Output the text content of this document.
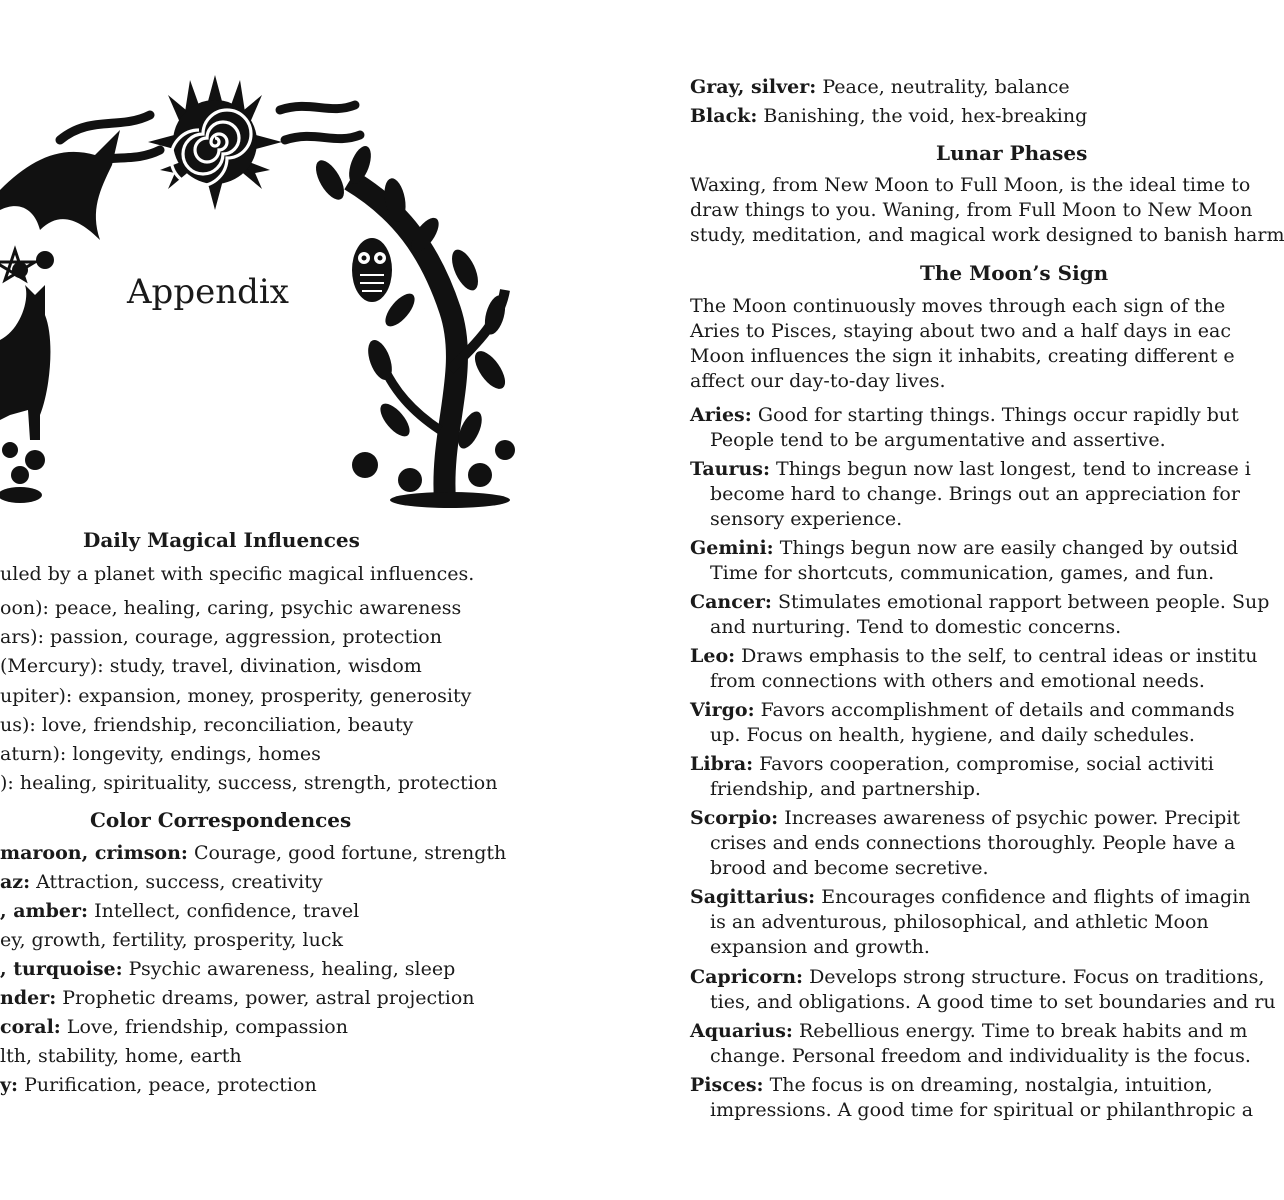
Appendix
Daily Magical Influences
uled by a planet with specific magical influences.
oon): peace, healing, caring, psychic awareness
ars): passion, courage, aggression, protection
(Mercury): study, travel, divination, wisdom
upiter): expansion, money, prosperity, generosity
us): love, friendship, reconciliation, beauty
aturn): longevity, endings, homes
): healing, spirituality, success, strength, protection
Color Correspondences
maroon, crimson: Courage, good fortune, strength
az: Attraction, success, creativity
, amber: Intellect, confidence, travel
ey, growth, fertility, prosperity, luck
, turquoise: Psychic awareness, healing, sleep
nder: Prophetic dreams, power, astral projection
coral: Love, friendship, compassion
lth, stability, home, earth
y: Purification, peace, protection
Gray, silver: Peace, neutrality, balance
Black: Banishing, the void, hex-breaking
Lunar Phases
Waxing, from New Moon to Full Moon, is the ideal time to
draw things to you. Waning, from Full Moon to New Moon
study, meditation, and magical work designed to banish harm
The Moon’s Sign
The Moon continuously moves through each sign of the
Aries to Pisces, staying about two and a half days in eac
Moon influences the sign it inhabits, creating different e
affect our day-to-day lives.
Aries: Good for starting things. Things occur rapidly but
People tend to be argumentative and assertive.
Taurus: Things begun now last longest, tend to increase i
become hard to change. Brings out an appreciation for
sensory experience.
Gemini: Things begun now are easily changed by outsid
Time for shortcuts, communication, games, and fun.
Cancer: Stimulates emotional rapport between people. Sup
and nurturing. Tend to domestic concerns.
Leo: Draws emphasis to the self, to central ideas or institu
from connections with others and emotional needs.
Virgo: Favors accomplishment of details and commands
up. Focus on health, hygiene, and daily schedules.
Libra: Favors cooperation, compromise, social activiti
friendship, and partnership.
Scorpio: Increases awareness of psychic power. Precipit
crises and ends connections thoroughly. People have a
brood and become secretive.
Sagittarius: Encourages confidence and flights of imagin
is an adventurous, philosophical, and athletic Moon
expansion and growth.
Capricorn: Develops strong structure. Focus on traditions,
ties, and obligations. A good time to set boundaries and ru
Aquarius: Rebellious energy. Time to break habits and m
change. Personal freedom and individuality is the focus.
Pisces: The focus is on dreaming, nostalgia, intuition,
impressions. A good time for spiritual or philanthropic a
